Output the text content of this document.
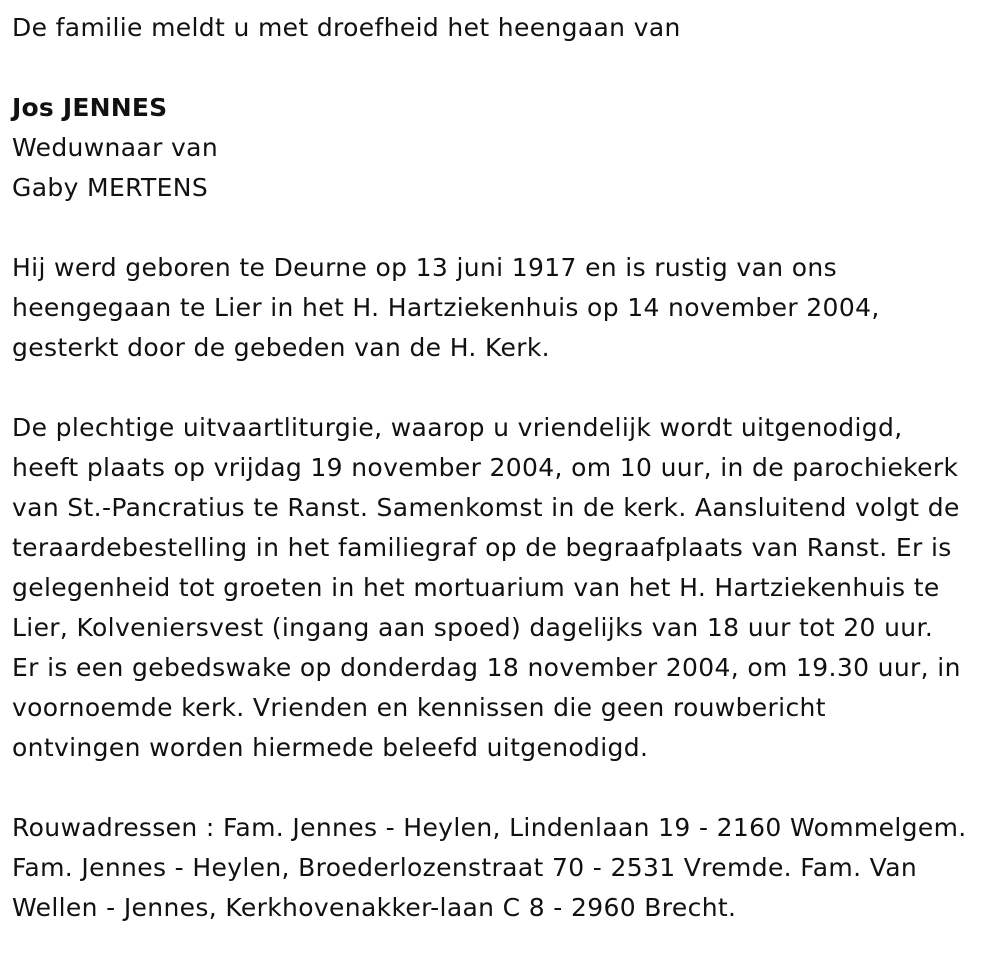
De familie meldt u met droefheid het heengaan van

Jos JENNES

Weduwnaar van

Gaby MERTENS

Hij werd geboren te Deurne op 13 juni 1917 en is rustig van ons

heengegaan te Lier in het H. Hartziekenhuis op 14 november 2004,

gesterkt door de gebeden van de H. Kerk.

De plechtige uitvaartliturgie, waarop u vriendelijk wordt uitgenodigd,

heeft plaats op vrijdag 19 november 2004, om 10 uur, in de parochiekerk

van St.-Pancratius te Ranst. Samenkomst in de kerk. Aansluitend volgt de

teraardebestelling in het familiegraf op de begraafplaats van Ranst. Er is

gelegenheid tot groeten in het mortuarium van het H. Hartziekenhuis te

Lier, Kolveniersvest (ingang aan spoed) dagelijks van 18 uur tot 20 uur.

Er is een gebedswake op donderdag 18 november 2004, om 19.30 uur, in

voornoemde kerk. Vrienden en kennissen die geen rouwbericht

ontvingen worden hiermede beleefd uitgenodigd.

Rouwadressen : Fam. Jennes - Heylen, Lindenlaan 19 - 2160 Wommelgem.

Fam. Jennes - Heylen, Broederlozenstraat 70 - 2531 Vremde. Fam. Van

Wellen - Jennes, Kerkhovenakker-laan C 8 - 2960 Brecht.
